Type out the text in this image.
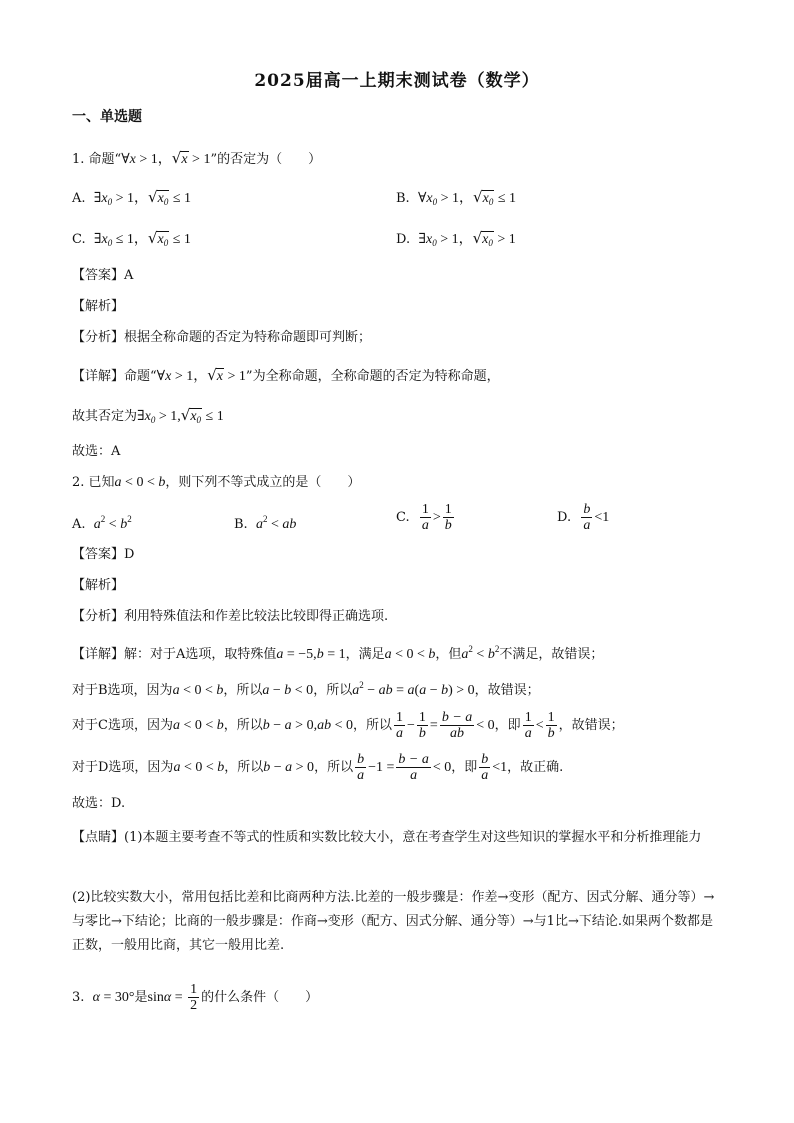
2025届高一上期末测试卷（数学）
一、单选题
1. 命题“∀x > 1，√x > 1”的否定为（　　）
A. $\exists x_0 > 1$，$√x_0 \le 1$	B. $\forall x_0 > 1$，$√x_0 \le 1$
C. $\exists x_0 \le 1$，$√x_0 \le 1$	D. $\exists x_0 > 1$，$√x_0 > 1$
【答案】A
【解析】
【分析】根据全称命题的否定为特称命题即可判断；
【详解】命题“∀x > 1，√x > 1”为全称命题，全称命题的否定为特称命题，
故其否定为$\exists x_0 > 1,√x_0 \le 1$
故选：A
2. 已知a < 0 < b，则下列不等式成立的是（　　）
A. $a^2 < b^2$	B. $a^2$ < ab	C. $\frac{1}{a} > \frac{1}{b}$	D. $\frac{b}{a} <1$
【答案】D
【解析】
【分析】利用特殊值法和作差比较法比较即得正确选项.
【详解】解：对于A选项，取特殊值a = −5,b = 1，满足a < 0 < b，但$a^2 < b^2$不满足，故错误；
对于B选项，因为a < 0 < b，所以a − b < 0，所以$a^2$ − ab = a(a − b) > 0，故错误；
对于C选项，因为a < 0 < b，所以b − a > 0,ab < 0，所以 $\frac{1}{a} - \frac{1}{b} = \frac{b - a}{ab} < 0$，即 $\frac{1}{a} < \frac{1}{b}$ ，故错误；
对于D选项，因为a < 0 < b，所以b − a > 0，所以 $\frac{b}{a} -1 = \frac{b - a}{a} < 0$，即 $\frac{b}{a} <1$，故正确.
故选：D.
【点睛】(1)本题主要考查不等式的性质和实数比较大小，意在考查学生对这些知识的掌握水平和分析推理能力
(2)比较实数大小，常用包括比差和比商两种方法.比差的一般步骤是：作差→变形（配方、因式分解、通分等）→与零比→下结论；比商的一般步骤是：作商→变形（配方、因式分解、通分等）→与1比→下结论.如果两个数都是正数，一般用比商，其它一般用比差.
3. α = 30°是$\sin\alpha = \frac{1}{2}$ 的什么条件（　　）
